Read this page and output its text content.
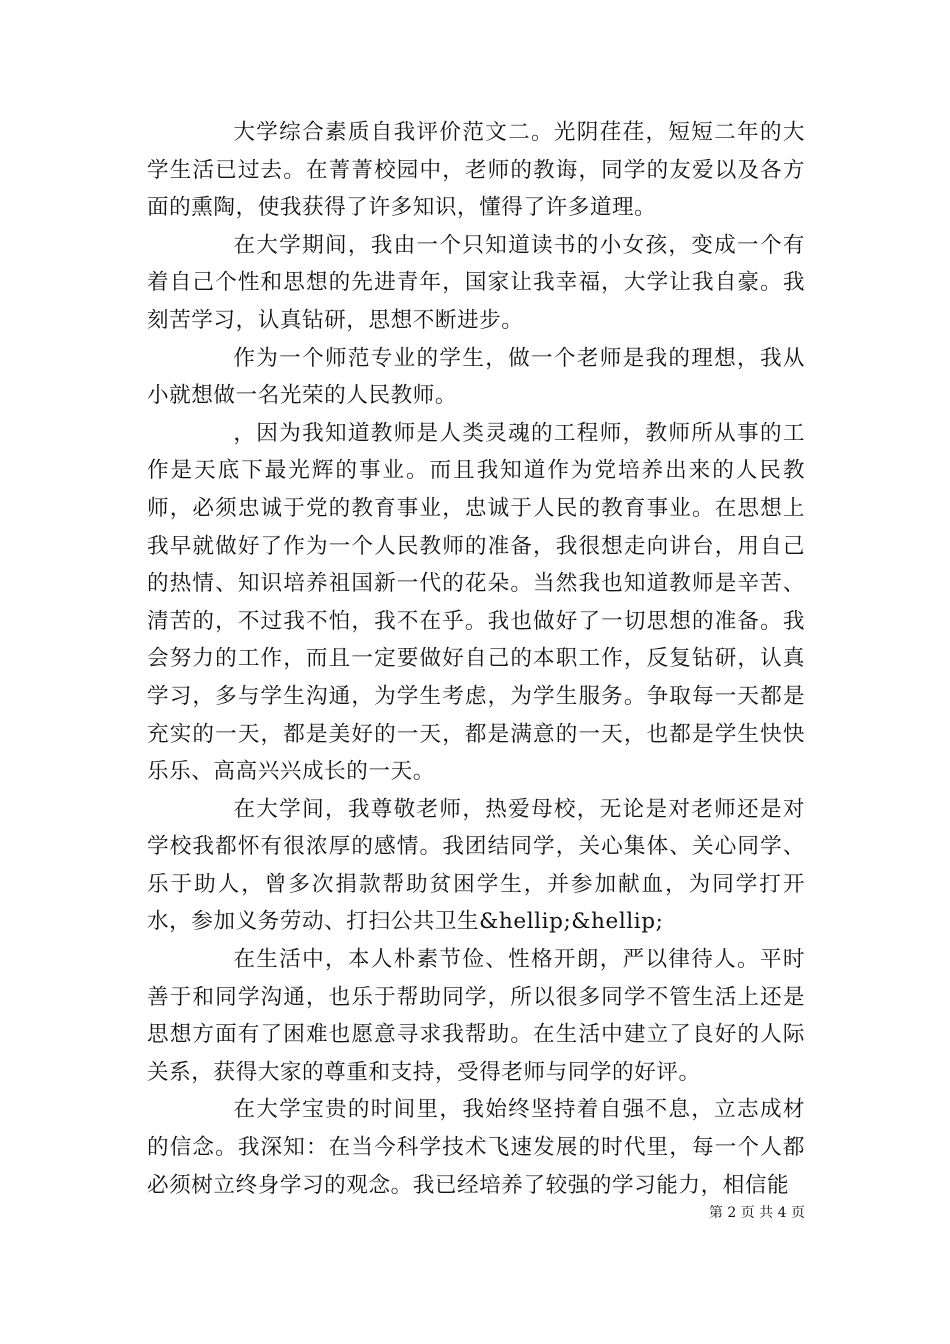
大学综合素质自我评价范文二。光阴荏荏，短短二年的大学生活已过去。在菁菁校园中，老师的教诲，同学的友爱以及各方面的熏陶，使我获得了许多知识，懂得了许多道理。

在大学期间，我由一个只知道读书的小女孩，变成一个有着自己个性和思想的先进青年，国家让我幸福，大学让我自豪。我刻苦学习，认真钻研，思想不断进步。

作为一个师范专业的学生，做一个老师是我的理想，我从小就想做一名光荣的人民教师。

，因为我知道教师是人类灵魂的工程师，教师所从事的工作是天底下最光辉的事业。而且我知道作为党培养出来的人民教师，必须忠诚于党的教育事业，忠诚于人民的教育事业。在思想上我早就做好了作为一个人民教师的准备，我很想走向讲台，用自己的热情、知识培养祖国新一代的花朵。当然我也知道教师是辛苦、清苦的，不过我不怕，我不在乎。我也做好了一切思想的准备。我会努力的工作，而且一定要做好自己的本职工作，反复钻研，认真学习，多与学生沟通，为学生考虑，为学生服务。争取每一天都是充实的一天，都是美好的一天，都是满意的一天，也都是学生快快乐乐、高高兴兴成长的一天。

在大学间，我尊敬老师，热爱母校，无论是对老师还是对学校我都怀有很浓厚的感情。我团结同学，关心集体、关心同学、乐于助人，曾多次捐款帮助贫困学生，并参加献血，为同学打开水，参加义务劳动、打扫公共卫生&hellip;&hellip;

在生活中，本人朴素节俭、性格开朗，严以律待人。平时善于和同学沟通，也乐于帮助同学，所以很多同学不管生活上还是思想方面有了困难也愿意寻求我帮助。在生活中建立了良好的人际关系，获得大家的尊重和支持，受得老师与同学的好评。

在大学宝贵的时间里，我始终坚持着自强不息，立志成材的信念。我深知：在当今科学技术飞速发展的时代里，每一个人都必须树立终身学习的观念。我已经培养了较强的学习能力，相信能

第 2 页 共 4 页
